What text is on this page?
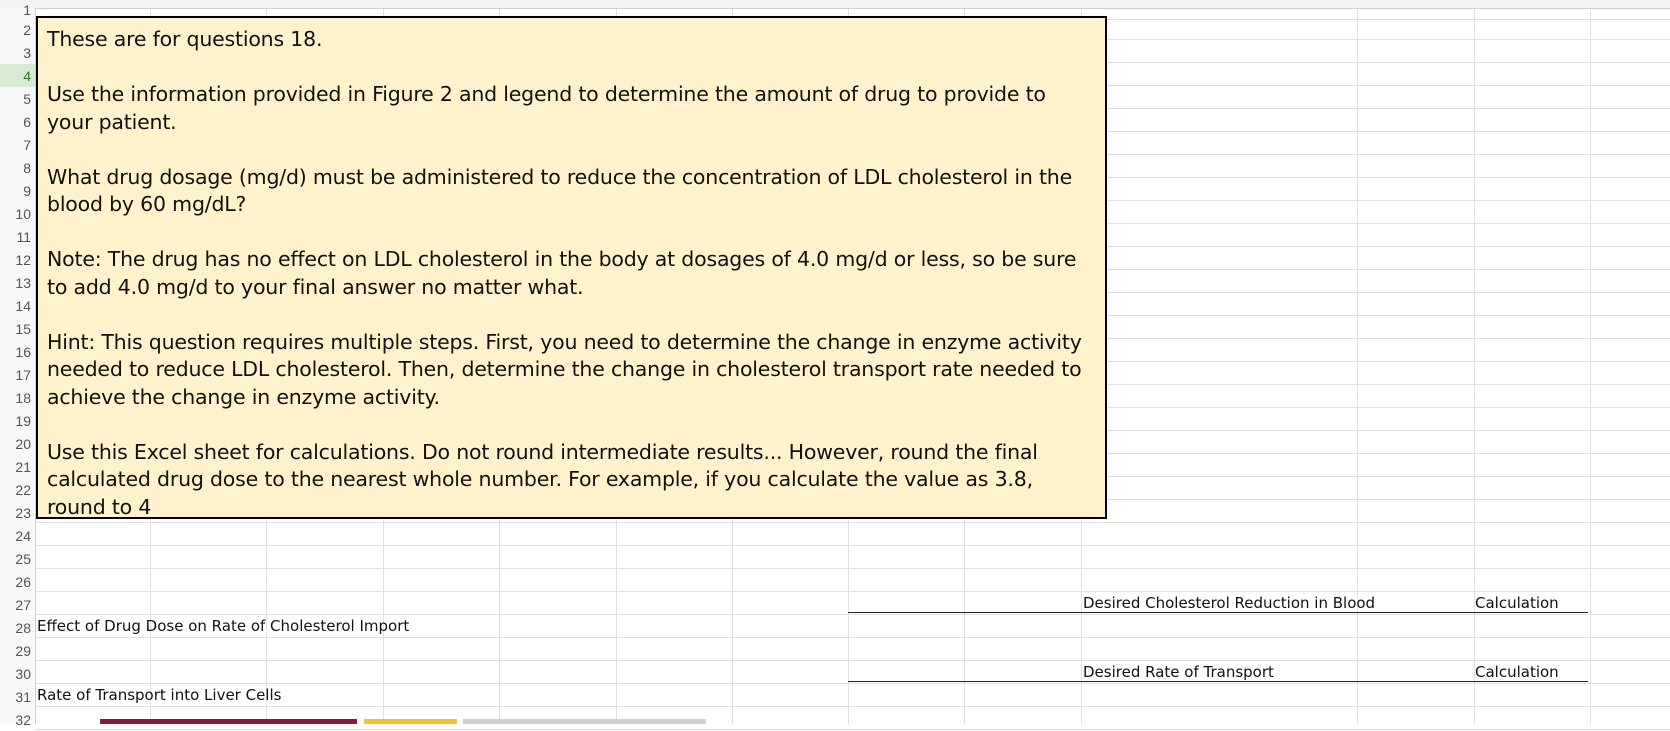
These are for questions 18.

Use the information provided in Figure 2 and legend to determine the amount of drug to provide to your patient.

What drug dosage (mg/d) must be administered to reduce the concentration of LDL cholesterol in the blood by 60 mg/dL?

Note: The drug has no effect on LDL cholesterol in the body at dosages of 4.0 mg/d or less, so be sure to add 4.0 mg/d to your final answer no matter what.

Hint: This question requires multiple steps. First, you need to determine the change in enzyme activity needed to reduce LDL cholesterol. Then, determine the change in cholesterol transport rate needed to achieve the change in enzyme activity.

Use this Excel sheet for calculations. Do not round intermediate results... However, round the final calculated drug dose to the nearest whole number. For example, if you calculate the value as 3.8, round to 4

Desired Cholesterol Reduction in Blood	Calculation
Effect of Drug Dose on Rate of Cholesterol Import
Desired Rate of Transport	Calculation
Rate of Transport into Liver Cells
1
2
3
4
5
6
7
8
9
10
11
12
13
14
15
16
17
18
19
20
21
22
23
24
25
26
27
28
29
30
31
32
